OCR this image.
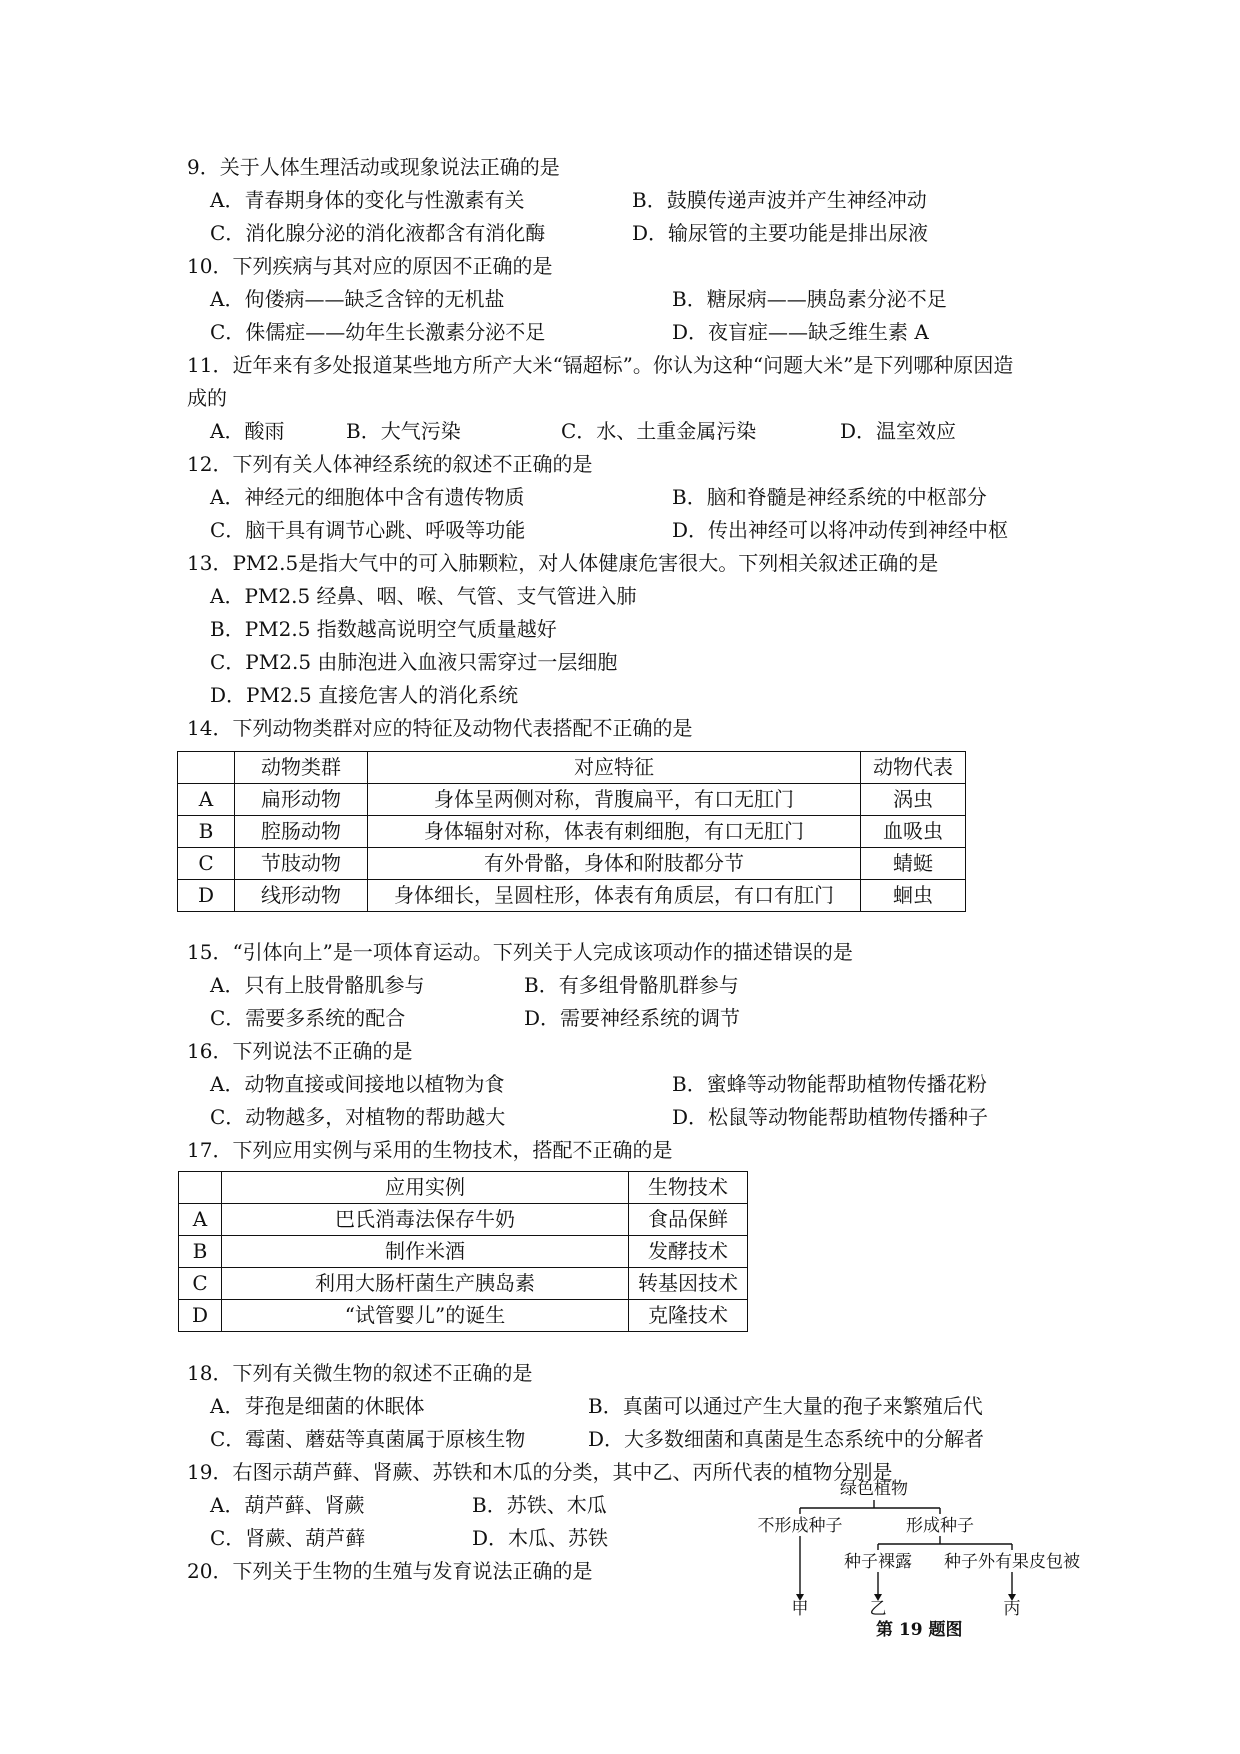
9．关于人体生理活动或现象说法正确的是
A．青春期身体的变化与性激素有关	B．鼓膜传递声波并产生神经冲动
C．消化腺分泌的消化液都含有消化酶	D．输尿管的主要功能是排出尿液
10．下列疾病与其对应的原因不正确的是
A．佝偻病——缺乏含锌的无机盐	B．糖尿病——胰岛素分泌不足
C．侏儒症——幼年生长激素分泌不足	D．夜盲症——缺乏维生素 A
11．近年来有多处报道某些地方所产大米“镉超标”。你认为这种“问题大米”是下列哪种原因造
成的
A．酸雨	B．大气污染	C．水、土重金属污染	D．温室效应
12．下列有关人体神经系统的叙述不正确的是
A．神经元的细胞体中含有遗传物质	B．脑和脊髓是神经系统的中枢部分
C．脑干具有调节心跳、呼吸等功能	D．传出神经可以将冲动传到神经中枢
13．PM2.5是指大气中的可入肺颗粒，对人体健康危害很大。下列相关叙述正确的是
A．PM2.5 经鼻、咽、喉、气管、支气管进入肺
B．PM2.5 指数越高说明空气质量越好
C．PM2.5 由肺泡进入血液只需穿过一层细胞
D．PM2.5 直接危害人的消化系统
14．下列动物类群对应的特征及动物代表搭配不正确的是
	动物类群	对应特征	动物代表
A	扁形动物	身体呈两侧对称，背腹扁平，有口无肛门	涡虫
B	腔肠动物	身体辐射对称，体表有刺细胞，有口无肛门	血吸虫
C	节肢动物	有外骨骼，身体和附肢都分节	蜻蜓
D	线形动物	身体细长，呈圆柱形，体表有角质层，有口有肛门	蛔虫
15．“引体向上”是一项体育运动。下列关于人完成该项动作的描述错误的是
A．只有上肢骨骼肌参与	B．有多组骨骼肌群参与
C．需要多系统的配合	D．需要神经系统的调节
16．下列说法不正确的是
A．动物直接或间接地以植物为食	B．蜜蜂等动物能帮助植物传播花粉
C．动物越多，对植物的帮助越大	D．松鼠等动物能帮助植物传播种子
17．下列应用实例与采用的生物技术，搭配不正确的是
	应用实例	生物技术
A	巴氏消毒法保存牛奶	食品保鲜
B	制作米酒	发酵技术
C	利用大肠杆菌生产胰岛素	转基因技术
D	“试管婴儿”的诞生	克隆技术
18．下列有关微生物的叙述不正确的是
A．芽孢是细菌的休眠体	B．真菌可以通过产生大量的孢子来繁殖后代
C．霉菌、蘑菇等真菌属于原核生物	D．大多数细菌和真菌是生态系统中的分解者
19．右图示葫芦藓、肾蕨、苏铁和木瓜的分类，其中乙、丙所代表的植物分别是
A．葫芦藓、肾蕨	B．苏铁、木瓜
C．肾蕨、葫芦藓	D．木瓜、苏铁
20．下列关于生物的生殖与发育说法正确的是
绿色植物
不形成种子	形成种子
种子裸露 种子外有果皮包被
甲	乙	丙
第 19 题图
